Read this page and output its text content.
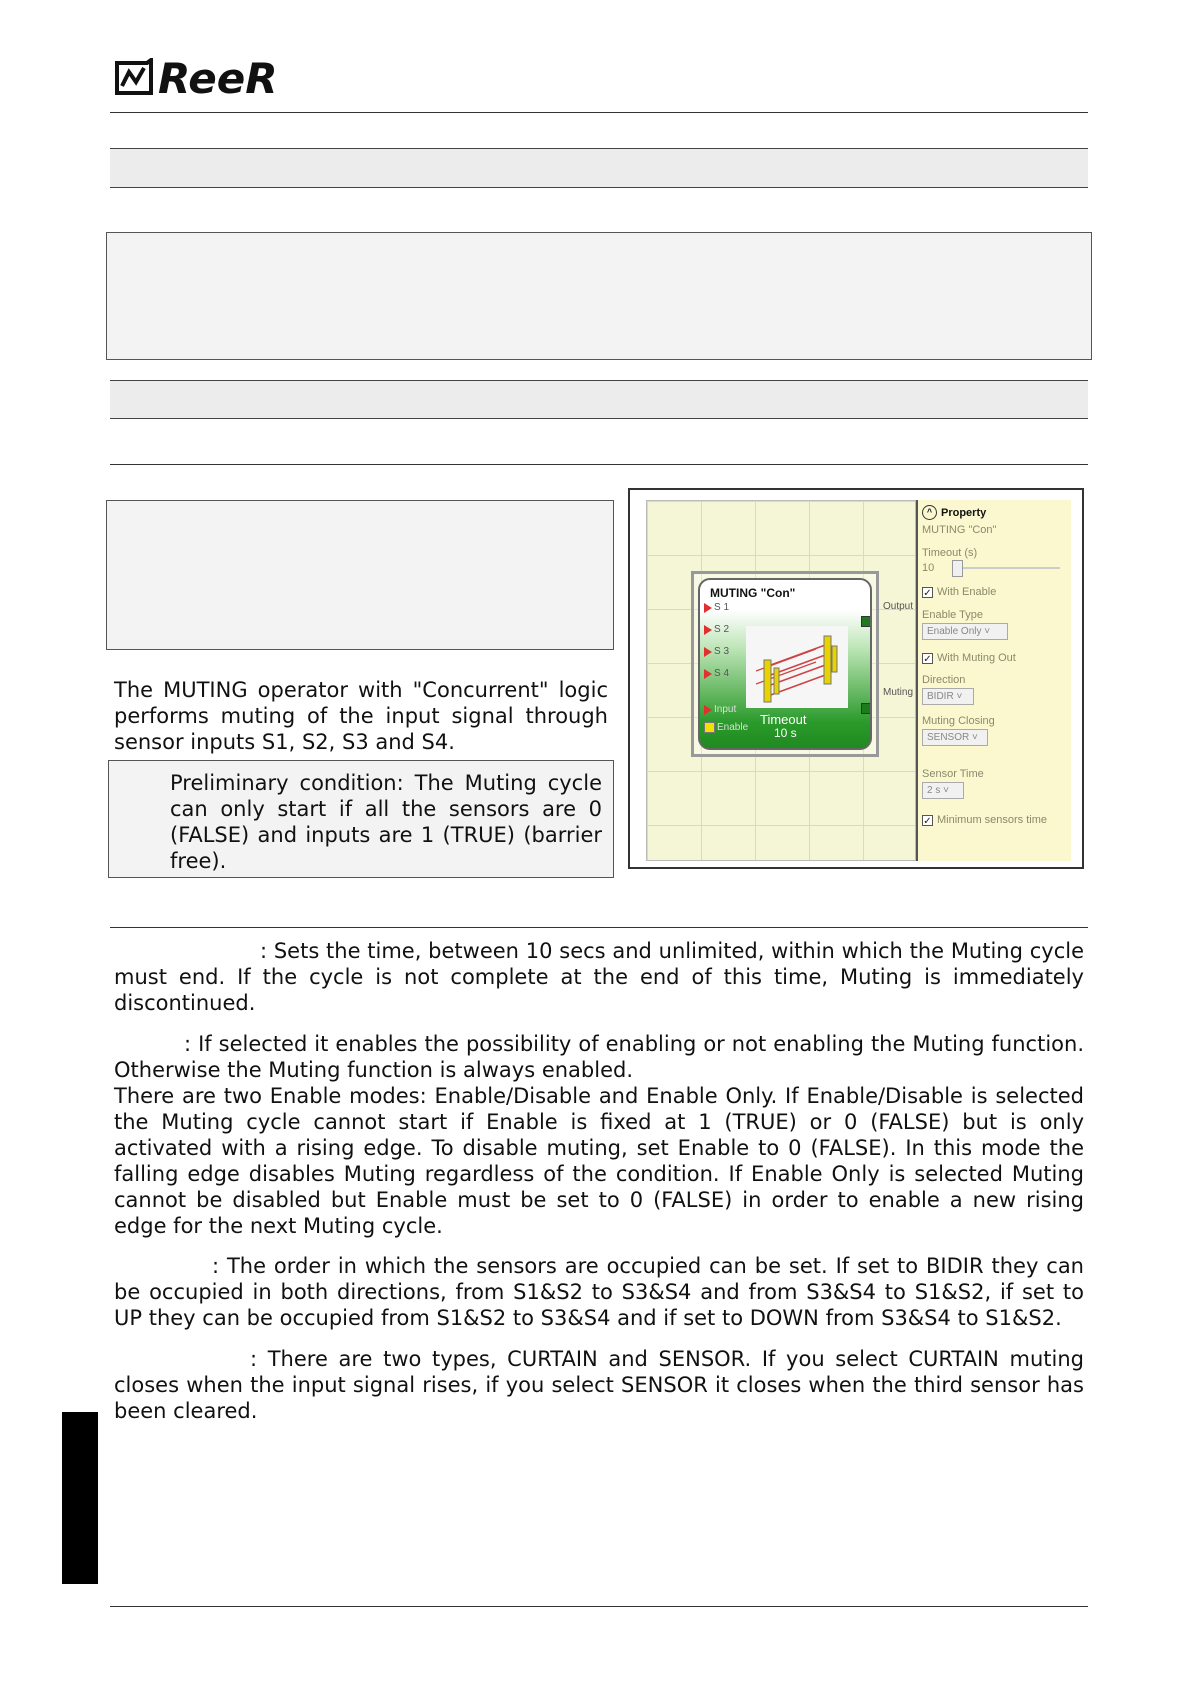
ReeR

The MUTING operator with "Concurrent" logic performs muting of the input signal through sensor inputs S1, S2, S3 and S4.

Preliminary condition: The Muting cycle can only start if all the sensors are 0 (FALSE) and inputs are 1 (TRUE) (barrier free).

MUTING "Con"
S 1
S 2
S 3
S 4
Input
Enable
Timeout
10 s
Output
Muting
^ Property
MUTING "Con"
Timeout (s)
10
✓ With Enable
Enable Type
Enable Only ˅
✓ With Muting Out
Direction
BIDIR ˅
Muting Closing
SENSOR ˅
Sensor Time
2 s ˅
✓ Minimum sensors time

: Sets the time, between 10 secs and unlimited, within which the Muting cycle must end. If the cycle is not complete at the end of this time, Muting is immediately discontinued.

: If selected it enables the possibility of enabling or not enabling the Muting function. Otherwise the Muting function is always enabled.

There are two Enable modes: Enable/Disable and Enable Only. If Enable/Disable is selected the Muting cycle cannot start if Enable is fixed at 1 (TRUE) or 0 (FALSE) but is only activated with a rising edge. To disable muting, set Enable to 0 (FALSE). In this mode the falling edge disables Muting regardless of the condition. If Enable Only is selected Muting cannot be disabled but Enable must be set to 0 (FALSE) in order to enable a new rising edge for the next Muting cycle.

: The order in which the sensors are occupied can be set. If set to BIDIR they can be occupied in both directions, from S1&S2 to S3&S4 and from S3&S4 to S1&S2, if set to UP they can be occupied from S1&S2 to S3&S4 and if set to DOWN from S3&S4 to S1&S2.

: There are two types, CURTAIN and SENSOR. If you select CURTAIN muting closes when the input signal rises, if you select SENSOR it closes when the third sensor has been cleared.
